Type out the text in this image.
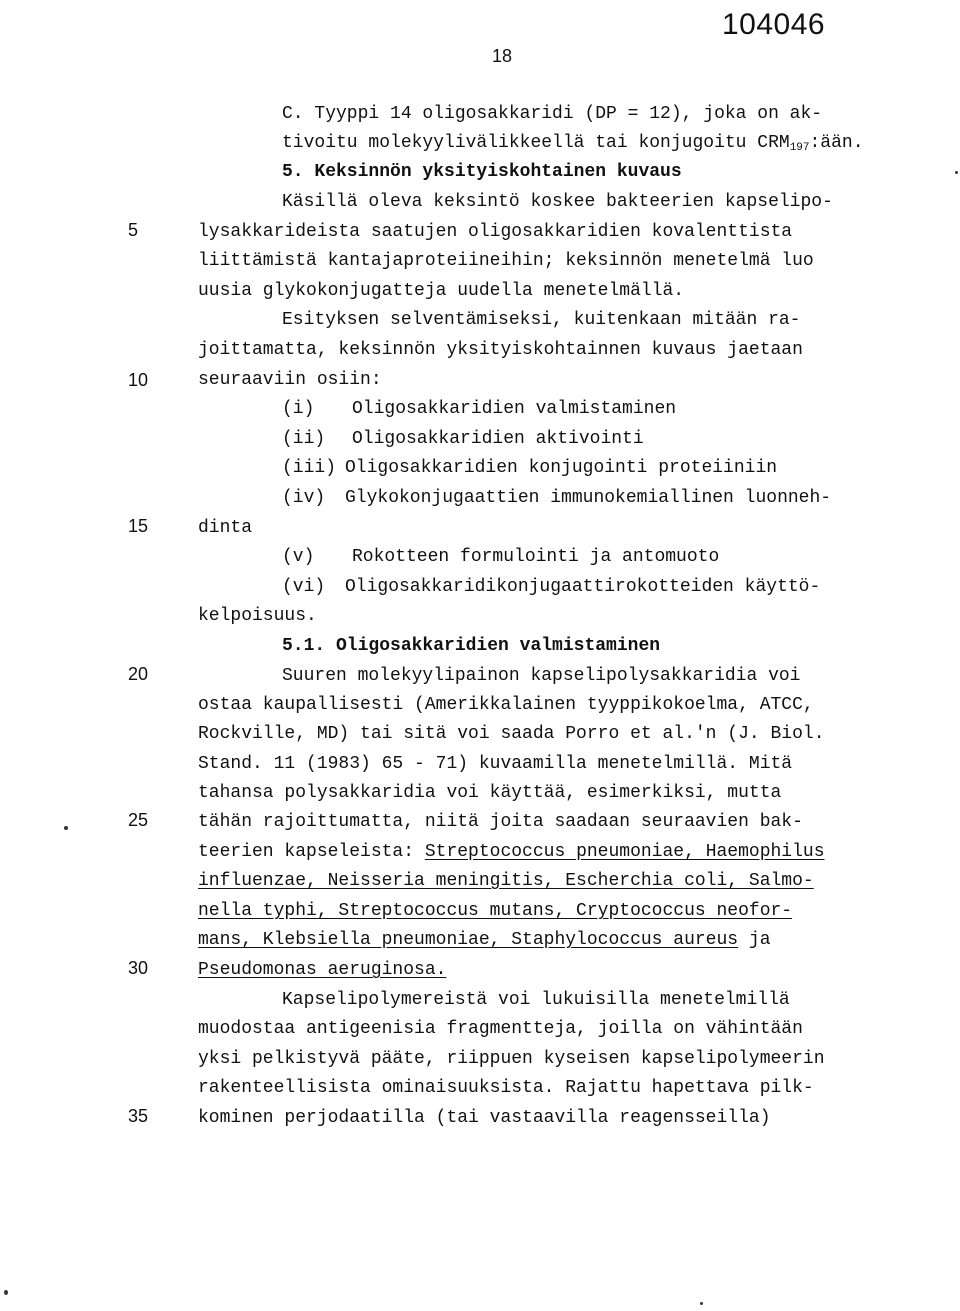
104046
18
5
10
15
20
25
30
35
C. Tyyppi 14 oligosakkaridi (DP = 12), joka on ak-
tivoitu molekyylivälikkeellä tai konjugoitu $CRM_{197}:ään$.
5. Keksinnön yksityiskohtainen kuvaus
Käsillä oleva keksintö koskee bakteerien kapselipo-
lysakkarideista saatujen oligosakkaridien kovalenttista
liittämistä kantajaproteiineihin; keksinnön menetelmä luo
uusia glykokonjugatteja uudella menetelmällä.
Esityksen selventämiseksi, kuitenkaan mitään ra-
joittamatta, keksinnön yksityiskohtainnen kuvaus jaetaan
seuraaviin osiin:
(i) Oligosakkaridien valmistaminen
(ii) Oligosakkaridien aktivointi
(iii) Oligosakkaridien konjugointi proteiiniin
(iv) Glykokonjugaattien immunokemiallinen luonneh-
dinta
(v) Rokotteen formulointi ja antomuoto
(vi) Oligosakkaridikonjugaattirokotteiden käyttö-
kelpoisuus.
5.1. Oligosakkaridien valmistaminen
Suuren molekyylipainon kapselipolysakkaridia voi
ostaa kaupallisesti (Amerikkalainen tyyppikokoelma, ATCC,
Rockville, MD) tai sitä voi saada Porro et al.'n (J. Biol.
Stand. 11 (1983) 65 - 71) kuvaamilla menetelmillä. Mitä
tahansa polysakkaridia voi käyttää, esimerkiksi, mutta
tähän rajoittumatta, niitä joita saadaan seuraavien bak-
teerien kapseleista: Streptococcus pneumoniae, Haemophilus
influenzae, Neisseria meningitis, Escherchia coli, Salmo-
nella typhi, Streptococcus mutans, Cryptococcus neofor-
mans, Klebsiella pneumoniae, Staphylococcus aureus ja
Pseudomonas aeruginosa.
Kapselipolymereistä voi lukuisilla menetelmillä
muodostaa antigeenisia fragmentteja, joilla on vähintään
yksi pelkistyvä pääte, riippuen kyseisen kapselipolymeerin
rakenteellisista ominaisuuksista. Rajattu hapettava pilk-
kominen perjodaatilla (tai vastaavilla reagensseilla)
